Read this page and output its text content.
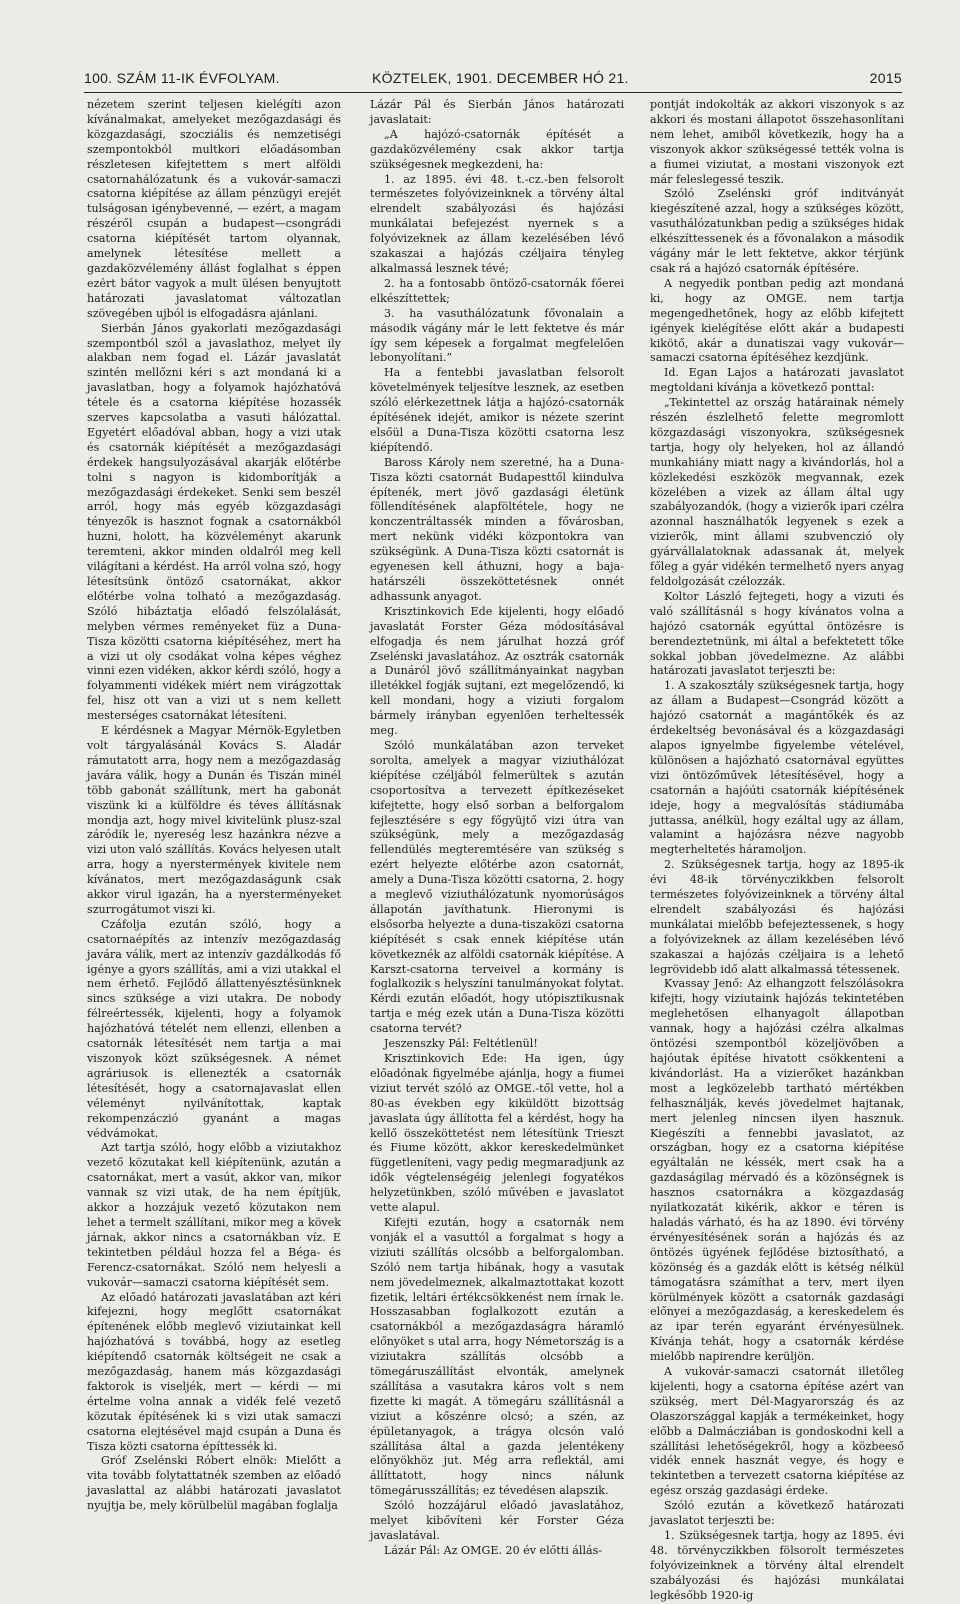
100. SZÁM 11-IK ÉVFOLYAM.	KÖZTELEK, 1901. DECEMBER HÓ 21.	2015

nézetem szerint teljesen kielégíti azon kívánalmakat, amelyeket mezőgazdasági és közgazdasági, szocziális és nemzetiségi szempontokból multkori előadásomban részletesen kifejtettem s mert alföldi csatornahálózatunk és a vukovár-samaczi csatorna kiépítése az állam pénzügyi erejét tulságosan igénybevenné, — ezért, a magam részéről csupán a budapest—csongrádi csatorna kiépítését tartom olyannak, amelynek létesítése mellett a gazdaközvélemény állást foglalhat s éppen ezért bátor vagyok a mult ülésen benyujtott határozati javaslatomat változatlan szövegében ujból is elfogadásra ajánlani.

Sierbán János gyakorlati mezőgazdasági szempontból szól a javaslathoz, melyet ily alakban nem fogad el. Lázár javaslatát szintén mellőzni kéri s azt mondaná ki a javaslatban, hogy a folyamok hajózhatóvá tétele és a csatorna kiépítése hozassék szerves kapcsolatba a vasuti hálózattal. Egyetért előadóval abban, hogy a vizi utak és csatornák kiépítését a mezőgazdasági érdekek hangsulyozásával akarják előtérbe tolni s nagyon is kidomborítják a mezőgazdasági érdekeket. Senki sem beszél arról, hogy más egyéb közgazdasági tényezők is hasznot fognak a csatornákból huzni, holott, ha közvéleményt akarunk teremteni, akkor minden oldalról meg kell világítani a kérdést. Ha arról volna szó, hogy létesítsünk öntöző csatornákat, akkor előtérbe volna tolható a mezőgazdaság. Szóló hibáztatja előadó felszólalását, melyben vérmes reményeket füz a Duna-Tisza közötti csatorna kiépítéséhez, mert ha a vizi ut oly csodákat volna képes véghez vinni ezen vidéken, akkor kérdi szóló, hogy a folyammenti vidékek miért nem virágzottak fel, hisz ott van a vizi ut s nem kellett mesterséges csatornákat létesíteni.

E kérdésnek a Magyar Mérnök-Egyletben volt tárgyalásánál Kovács S. Aladár rámutatott arra, hogy nem a mezőgazdaság javára válik, hogy a Dunán és Tiszán minél több gabonát szállítunk, mert ha gabonát viszünk ki a külföldre és téves állításnak mondja azt, hogy mivel kivitelünk plusz-szal záródik le, nyereség lesz hazánkra nézve a vizi uton való szállítás. Kovács helyesen utalt arra, hogy a nyerstermények kivitele nem kívánatos, mert mezőgazdaságunk csak akkor virul igazán, ha a nyersterményeket szurrogátumot viszi ki.

Czáfolja ezután szóló, hogy a csatornaépítés az intenzív mezőgazdaság javára válik, mert az intenzív gazdálkodás fő igénye a gyors szállítás, ami a vizi utakkal el nem érhető. Fejlődő állattenyésztésünknek sincs szüksége a vizi utakra. De nobody félreértessék, kijelenti, hogy a folyamok hajózhatóvá tételét nem ellenzi, ellenben a csatornák létesítését nem tartja a mai viszonyok közt szükségesnek. A német agráriusok is ellenezték a csatornák létesítését, hogy a csatornajavaslat ellen véleményt nyilvánítottak, kaptak rekompenzáczió gyanánt a magas védvámokat.

Azt tartja szóló, hogy előbb a viziutakhoz vezető közutakat kell kiépítenünk, azután a csatornákat, mert a vasút, akkor van, mikor vannak sz vizi utak, de ha nem építjük, akkor a hozzájuk vezető közutakon nem lehet a termelt szállítani, mikor meg a kövek járnak, akkor nincs a csatornákban víz. E tekintetben például hozza fel a Béga- és Ferencz-csatornákat. Szóló nem helyesli a vukovár—samaczi csatorna kiépítését sem.

Az előadó határozati javaslatában azt kéri kifejezni, hogy meglőtt csatornákat építenének előbb meglevő viziutainkat kell hajózhatóvá s továbbá, hogy az esetleg kiépítendő csatornák költségeit ne csak a mezőgazdaság, hanem más közgazdasági faktorok is viseljék, mert — kérdi — mi értelme volna annak a vidék felé vezető közutak építésének ki s vizi utak samaczi csatorna elejtésével majd csupán a Duna és Tisza közti csatorna építtessék ki.

Gróf Zselénski Róbert elnök: Mielőtt a vita tovább folytattatnék szemben az előadó javaslattal az alábbi határozati javaslatot nyujtja be, mely körülbelül magában foglalja

Lázár Pál és Sierbán János határozati javaslatait:

„A hajózó-csatornák építését a gazdaközvélemény csak akkor tartja szükségesnek megkezdeni, ha:

1. az 1895. évi 48. t.-cz.-ben felsorolt természetes folyóvizeinknek a törvény által elrendelt szabályozási és hajózási munkálatai befejezést nyernek s a folyóvizeknek az állam kezelésében lévő szakaszai a hajózás czéljaira tényleg alkalmassá lesznek tévé;

2. ha a fontosabb öntöző-csatornák főerei elkészíttettek;

3. ha vasuthálózatunk fővonalain a második vágány már le lett fektetve és már így sem képesek a forgalmat megfelelően lebonyolítani.”

Ha a fentebbi javaslatban felsorolt követelmények teljesítve lesznek, az esetben szóló elérkezettnek látja a hajózó-csatornák építésének idejét, amikor is nézete szerint elsőül a Duna-Tisza közötti csatorna lesz kiépítendő.

Baross Károly nem szeretné, ha a Duna-Tisza közti csatornát Budapesttől kiindulva építenék, mert jövő gazdasági életünk föllendítésének alapföltétele, hogy ne konczentráltassék minden a fővárosban, mert nekünk vidéki központokra van szükségünk. A Duna-Tisza közti csatornát is egyenesen kell áthuzni, hogy a baja-határszéli összeköttetésnek onnét adhassunk anyagot.

Krisztinkovich Ede kijelenti, hogy előadó javaslatát Forster Géza módosításával elfogadja és nem járulhat hozzá gróf Zselénski javaslatához. Az osztrák csatornák a Dunáról jövő szállítmányainkat nagyban illetékkel fogják sujtani, ezt megelőzendő, ki kell mondani, hogy a viziuti forgalom bármely irányban egyenlően terheltessék meg.

Szóló munkálatában azon terveket sorolta, amelyek a magyar viziuthálózat kiépítése czéljából felmerültek s azután csoportosítva a tervezett építkezéseket kifejtette, hogy első sorban a belforgalom fejlesztésére s egy főgyüjtő vizi útra van szükségünk, mely a mezőgazdaság fellendülés megteremtésére van szükség s ezért helyezte előtérbe azon csatornát, amely a Duna-Tisza közötti csatorna, 2. hogy a meglevő viziuthálózatunk nyomorúságos állapotán javíthatunk. Hieronymi is elsősorba helyezte a duna-tiszaközi csatorna kiépítését s csak ennek kiépítése után következnék az alföldi csatornák kiépítése. A Karszt-csatorna terveivel a kormány is foglalkozik s helyszíni tanulmányokat folytat. Kérdi ezután előadót, hogy utópisztikusnak tartja e még ezek után a Duna-Tisza közötti csatorna tervét?

Jeszenszky Pál: Feltétlenül!

Krisztinkovich Ede: Ha igen, úgy előadónak figyelmébe ajánlja, hogy a fiumei viziut tervét szóló az OMGE.-től vette, hol a 80-as években egy kiküldött bizottság javaslata úgy állította fel a kérdést, hogy ha kellő összeköttetést nem létesítünk Trieszt és Fiume között, akkor kereskedelmünket függetleníteni, vagy pedig megmaradjunk az idők végtelenségéig jelenlegi fogyatékos helyzetünkben, szóló művében e javaslatot vette alapul.

Kifejti ezután, hogy a csatornák nem vonják el a vasuttól a forgalmat s hogy a viziuti szállítás olcsóbb a belforgalomban. Szóló nem tartja hibának, hogy a vasutak nem jövedelmeznek, alkalmaztottakat kozott fizetik, leltári értékcsökkenést nem írnak le. Hosszasabban foglalkozott ezután a csatornákból a mezőgazdaságra háramló előnyöket s utal arra, hogy Németország is a viziutakra szállítás olcsóbb a tömegáruszállítást elvonták, amelynek szállítása a vasutakra káros volt s nem fizette ki magát. A tömegáru szállításnál a viziut a kőszénre olcsó; a szén, az épületanyagok, a trágya olcsón való szállítása által a gazda jelentékeny előnyökhöz jut. Még arra reflektál, ami állíttatott, hogy nincs nálunk tömegárusszállítás; ez tévedésen alapszik.

Szóló hozzájárul előadó javaslatához, melyet kibővíteni kér Forster Géza javaslatával.

Lázár Pál: Az OMGE. 20 év előtti állás-

pontját indokolták az akkori viszonyok s az akkori és mostani állapotot összehasonlítani nem lehet, amiből következik, hogy ha a viszonyok akkor szükségessé tették volna is a fiumei viziutat, a mostani viszonyok ezt már feleslegessé teszik.

Szóló Zselénski gróf inditványát kiegészítené azzal, hogy a szükséges között, vasuthálózatunkban pedig a szükséges hidak elkészíttessenek és a fővonalakon a második vágány már le lett fektetve, akkor térjünk csak rá a hajózó csatornák építésére.

A negyedik pontban pedig azt mondaná ki, hogy az OMGE. nem tartja megengedhetőnek, hogy az előbb kifejtett igények kielégítése előtt akár a budapesti kikötő, akár a dunatiszai vagy vukovár—samaczi csatorna építéséhez kezdjünk.

Id. Egan Lajos a határozati javaslatot megtoldani kívánja a következő ponttal:

„Tekintettel az ország határainak némely részén észlelhető felette megromlott közgazdasági viszonyokra, szükségesnek tartja, hogy oly helyeken, hol az állandó munkahiány miatt nagy a kivándorlás, hol a közlekedési eszközök megvannak, ezek közelében a vizek az állam által ugy szabályozandók, (hogy a vizierők ipari czélra azonnal használhatók legyenek s ezek a vizierők, mint állami szubvenczió oly gyárvállalatoknak adassanak át, melyek főleg a gyár vidékén termelhető nyers anyag feldolgozását czélozzák.

Koltor László fejtegeti, hogy a vizuti és való szállításnál s hogy kívánatos volna a hajózó csatornák egyúttal öntözésre is berendeztetnünk, mi által a befektetett tőke sokkal jobban jövedelmezne. Az alábbi határozati javaslatot terjeszti be:

1. A szakosztály szükségesnek tartja, hogy az állam a Budapest—Csongrád között a hajózó csatornát a magántőkék és az érdekeltség bevonásával és a közgazdasági alapos ignyelmbe figyelembe vételével, különösen a hajózható csatornával együttes vizi öntözőművek létesítésével, hogy a csatornán a hajóúti csatornák kiépítésének ideje, hogy a megvalósítás stádiumába juttassa, anélkül, hogy ezáltal ugy az állam, valamint a hajózásra nézve nagyobb megterheltetés háramoljon.

2. Szükségesnek tartja, hogy az 1895-ik évi 48-ik törvényczikkben felsorolt természetes folyóvizeinknek a törvény által elrendelt szabályozási és hajózási munkálatai mielőbb befejeztessenek, s hogy a folyóvizeknek az állam kezelésében lévő szakaszai a hajózás czéljaira is a lehető legrövidebb idő alatt alkalmassá tétessenek.

Kvassay Jenő: Az elhangzott felszólásokra kifejti, hogy viziutaink hajózás tekintetében meglehetősen elhanyagolt állapotban vannak, hogy a hajózási czélra alkalmas öntözési szempontból közeljövőben a hajóutak építése hivatott csökkenteni a kivándorlást. Ha a vizierőket hazánkban most a legközelebb tartható mértékben felhasználják, kevés jövedelmet hajtanak, mert jelenleg nincsen ilyen hasznuk. Kiegészíti a fennebbi javaslatot, az országban, hogy ez a csatorna kiépítése egyáltalán ne késsék, mert csak ha a gazdaságilag mérvadó és a közönségnek is hasznos csatornákra a közgazdaság nyilatkozatát kikérik, akkor e téren is haladás várható, és ha az 1890. évi törvény érvényesítésének során a hajózás és az öntözés ügyének fejlődése biztosítható, a közönség és a gazdák előtt is kétség nélkül támogatásra számíthat a terv, mert ilyen körülmények között a csatornák gazdasági előnyei a mezőgazdaság, a kereskedelem és az ipar terén egyaránt érvényesülnek. Kívánja tehát, hogy a csatornák kérdése mielőbb napirendre kerüljön.

A vukovár-samaczi csatornát illetőleg kijelenti, hogy a csatorna építése azért van szükség, mert Dél-Magyarország és az Olaszországgal kapják a termékeinket, hogy előbb a Dalmácziában is gondoskodni kell a szállítási lehetőségekről, hogy a közbeeső vidék ennek hasznát vegye, és hogy e tekintetben a tervezett csatorna kiépítése az egész ország gazdasági érdeke.

Szóló ezután a következő határozati javaslatot terjeszti be:

1. Szükségesnek tartja, hogy az 1895. évi 48. törvényczikkben fölsorolt természetes folyóvizeinknek a törvény által elrendelt szabályozási és hajózási munkálatai legkésőbb 1920-ig
